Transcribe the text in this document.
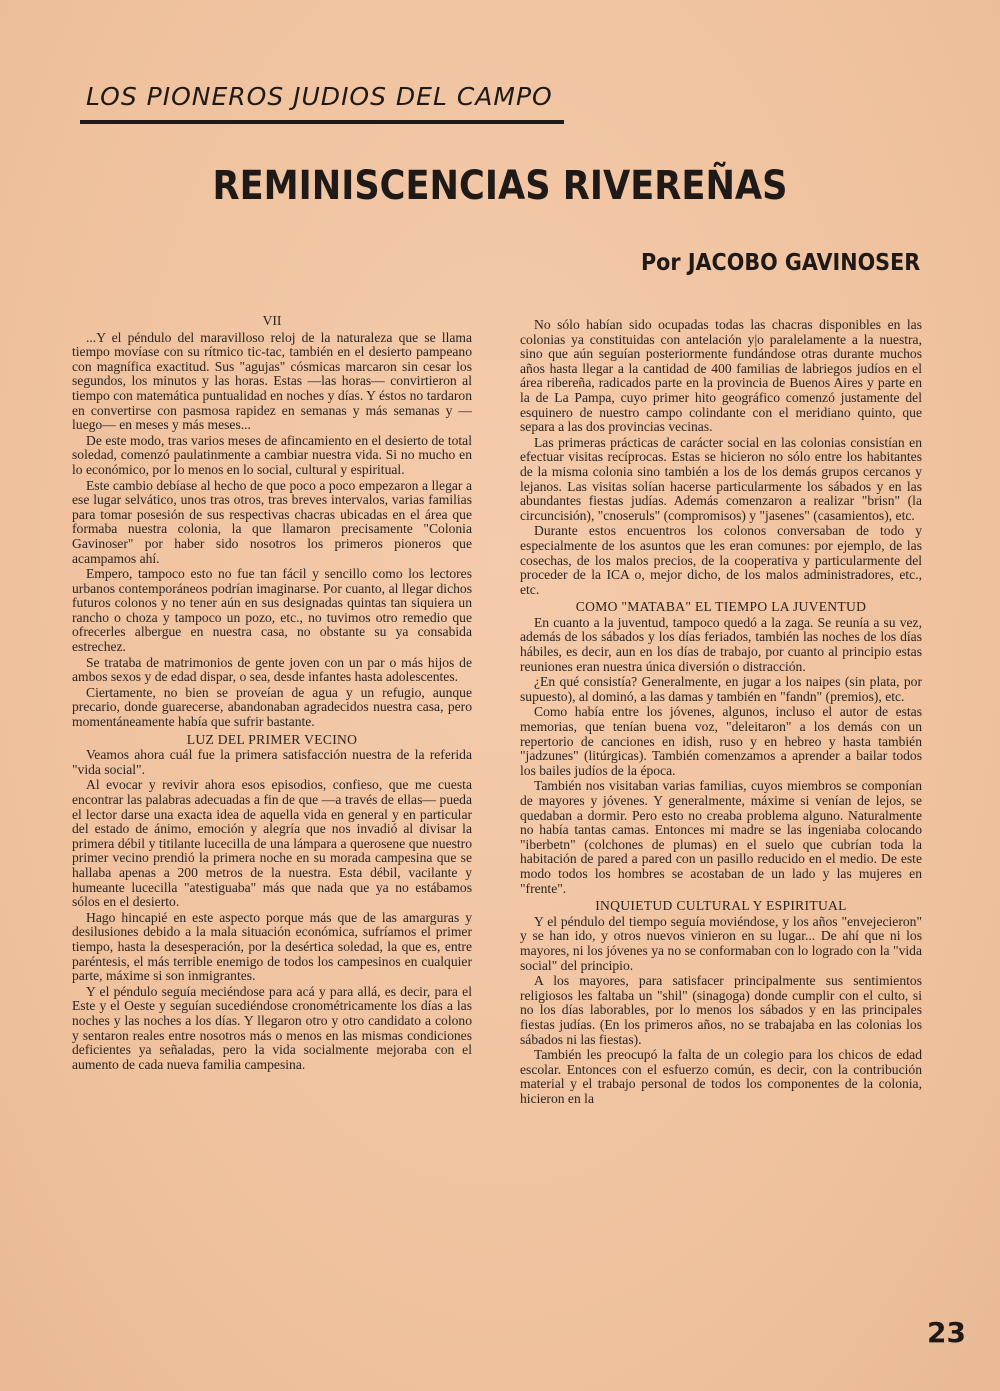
LOS PIONEROS JUDIOS DEL CAMPO
REMINISCENCIAS RIVEREÑAS
Por JACOBO GAVINOSER
VII

...Y el péndulo del maravilloso reloj de la naturaleza que se llama tiempo movíase con su rítmico tic-tac, también en el desierto pampeano con magnífica exactitud. Sus "agujas" cósmicas marcaron sin cesar los segundos, los minutos y las horas. Estas —las horas— convirtieron al tiempo con matemática puntualidad en noches y días. Y éstos no tardaron en convertirse con pasmosa rapidez en semanas y más semanas y —luego— en meses y más meses...

De este modo, tras varios meses de afincamiento en el desierto de total soledad, comenzó paulatinmente a cambiar nuestra vida. Si no mucho en lo económico, por lo menos en lo social, cultural y espiritual.

Este cambio debíase al hecho de que poco a poco empezaron a llegar a ese lugar selvático, unos tras otros, tras breves intervalos, varias familias para tomar posesión de sus respectivas chacras ubicadas en el área que formaba nuestra colonia, la que llamaron precisamente "Colonia Gavinoser" por haber sido nosotros los primeros pioneros que acampamos ahí.

Empero, tampoco esto no fue tan fácil y sencillo como los lectores urbanos contemporáneos podrían imaginarse. Por cuanto, al llegar dichos futuros colonos y no tener aún en sus designadas quintas tan siquiera un rancho o choza y tampoco un pozo, etc., no tuvimos otro remedio que ofrecerles albergue en nuestra casa, no obstante su ya consabida estrechez.

Se trataba de matrimonios de gente joven con un par o más hijos de ambos sexos y de edad dispar, o sea, desde infantes hasta adolescentes.

Ciertamente, no bien se proveían de agua y un refugio, aunque precario, donde guarecerse, abandonaban agradecidos nuestra casa, pero momentáneamente había que sufrir bastante.

LUZ DEL PRIMER VECINO

Veamos ahora cuál fue la primera satisfacción nuestra de la referida "vida social".

Al evocar y revivir ahora esos episodios, confieso, que me cuesta encontrar las palabras adecuadas a fin de que —a través de ellas— pueda el lector darse una exacta idea de aquella vida en general y en particular del estado de ánimo, emoción y alegría que nos invadió al divisar la primera débil y titilante lucecilla de una lámpara a querosene que nuestro primer vecino prendió la primera noche en su morada campesina que se hallaba apenas a 200 metros de la nuestra. Esta débil, vacilante y humeante lucecilla "atestiguaba" más que nada que ya no estábamos sólos en el desierto.

Hago hincapié en este aspecto porque más que de las amarguras y desilusiones debido a la mala situación económica, sufríamos el primer tiempo, hasta la desesperación, por la desértica soledad, la que es, entre paréntesis, el más terrible enemigo de todos los campesinos en cualquier parte, máxime si son inmigrantes.

Y el péndulo seguía meciéndose para acá y para allá, es decir, para el Este y el Oeste y seguían sucediéndose cronométricamente los días a las noches y las noches a los días. Y llegaron otro y otro candidato a colono y sentaron reales entre nosotros más o menos en las mismas condiciones deficientes ya señaladas, pero la vida socialmente mejoraba con el aumento de cada nueva familia campesina.

No sólo habían sido ocupadas todas las chacras disponibles en las colonias ya constituidas con antelación y|o paralelamente a la nuestra, sino que aún seguían posteriormente fundándose otras durante muchos años hasta llegar a la cantidad de 400 familias de labriegos judíos en el área ribereña, radicados parte en la provincia de Buenos Aires y parte en la de La Pampa, cuyo primer hito geográfico comenzó justamente del esquinero de nuestro campo colindante con el meridiano quinto, que separa a las dos provincias vecinas.

Las primeras prácticas de carácter social en las colonias consistían en efectuar visitas recíprocas. Estas se hicieron no sólo entre los habitantes de la misma colonia sino también a los de los demás grupos cercanos y lejanos. Las visitas solían hacerse particularmente los sábados y en las abundantes fiestas judías. Además comenzaron a realizar "brisn" (la circuncisión), "cnoseruls" (compromisos) y "jasenes" (casamientos), etc.

Durante estos encuentros los colonos conversaban de todo y especialmente de los asuntos que les eran comunes: por ejemplo, de las cosechas, de los malos precios, de la cooperativa y particularmente del proceder de la ICA o, mejor dicho, de los malos administradores, etc., etc.

COMO "MATABA" EL TIEMPO LA JUVENTUD

En cuanto a la juventud, tampoco quedó a la zaga. Se reunía a su vez, además de los sábados y los días feriados, también las noches de los días hábiles, es decir, aun en los días de trabajo, por cuanto al principio estas reuniones eran nuestra única diversión o distracción.

¿En qué consistía? Generalmente, en jugar a los naipes (sin plata, por supuesto), al dominó, a las damas y también en "fandn" (premios), etc.

Como había entre los jóvenes, algunos, incluso el autor de estas memorias, que tenían buena voz, "deleitaron" a los demás con un repertorio de canciones en idish, ruso y en hebreo y hasta también "jadzunes" (litúrgicas). También comenzamos a aprender a bailar todos los bailes judíos de la época.

También nos visitaban varias familias, cuyos miembros se componían de mayores y jóvenes. Y generalmente, máxime si venían de lejos, se quedaban a dormir. Pero esto no creaba problema alguno. Naturalmente no había tantas camas. Entonces mi madre se las ingeniaba colocando "iberbetn" (colchones de plumas) en el suelo que cubrían toda la habitación de pared a pared con un pasillo reducido en el medio. De este modo todos los hombres se acostaban de un lado y las mujeres en "frente".

INQUIETUD CULTURAL Y ESPIRITUAL

Y el péndulo del tiempo seguía moviéndose, y los años "envejecieron" y se han ido, y otros nuevos vinieron en su lugar... De ahí que ni los mayores, ni los jóvenes ya no se conformaban con lo logrado con la "vida social" del principio.

A los mayores, para satisfacer principalmente sus sentimientos religiosos les faltaba un "shil" (sinagoga) donde cumplir con el culto, si no los días laborables, por lo menos los sábados y en las principales fiestas judías. (En los primeros años, no se trabajaba en las colonias los sábados ni las fiestas).

También les preocupó la falta de un colegio para los chicos de edad escolar. Entonces con el esfuerzo común, es decir, con la contribución material y el trabajo personal de todos los componentes de la colonia, hicieron en la

23
